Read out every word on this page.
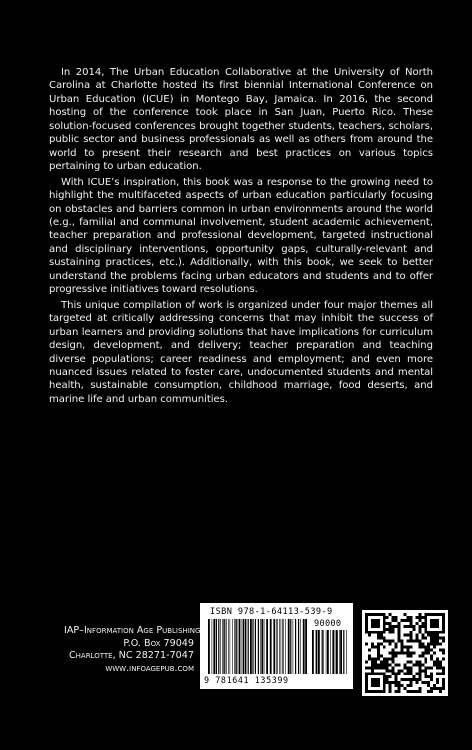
In 2014, The Urban Education Collaborative at the University of North Carolina at Charlotte hosted its first biennial International Conference on Urban Education (ICUE) in Montego Bay, Jamaica. In 2016, the second hosting of the conference took place in San Juan, Puerto Rico. These solution-focused conferences brought together students, teachers, scholars, public sector and business professionals as well as others from around the world to present their research and best practices on various topics pertaining to urban education.

With ICUE’s inspiration, this book was a response to the growing need to highlight the multifaceted aspects of urban education particularly focusing on obstacles and barriers common in urban environments around the world (e.g., familial and communal involvement, student academic achievement, teacher preparation and professional development, targeted instructional and disciplinary interventions, opportunity gaps, culturally-relevant and sustaining practices, etc.). Additionally, with this book, we seek to better understand the problems facing urban educators and students and to offer progressive initiatives toward resolutions.

This unique compilation of work is organized under four major themes all targeted at critically addressing concerns that may inhibit the success of urban learners and providing solutions that have implications for curriculum design, development, and delivery; teacher preparation and teaching diverse populations; career readiness and employment; and even more nuanced issues related to foster care, undocumented students and mental health, sustainable consumption, childhood marriage, food deserts, and marine life and urban communities.

IAP–Information Age Publishing
P.O. Box 79049
Charlotte, NC 28271-7047
www.infoagepub.com
ISBN 978-1-64113-539-9
90000
9 781641 135399
